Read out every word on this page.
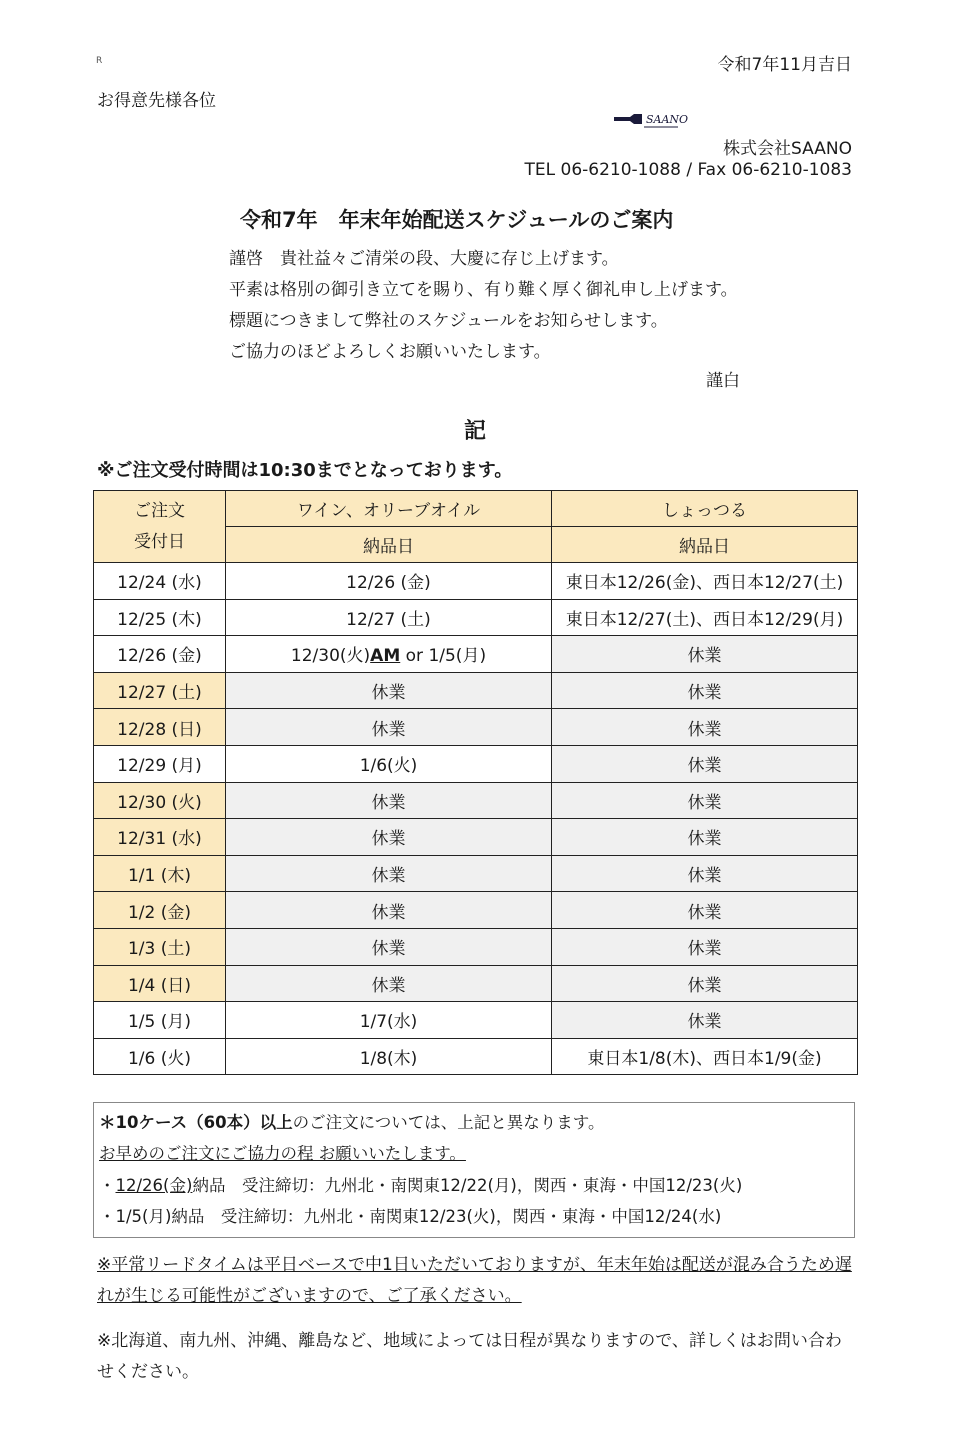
R	令和7年11月吉日
お得意先様各位
SAANO
株式会社SAANO
TEL 06-6210-1088 / Fax 06-6210-1083
令和7年　年末年始配送スケジュールのご案内

謹啓　貴社益々ご清栄の段、大慶に存じ上げます。

平素は格別の御引き立てを賜り、有り難く厚く御礼申し上げます。

標題につきまして弊社のスケジュールをお知らせします。

ご協力のほどよろしくお願いいたします。

謹白
記
※ご注文受付時間は10:30までとなっております。
ご注文
受付日	ワイン、オリーブオイル	しょっつる
	納品日	納品日
12/24 (水)	12/26 (金)	東日本12/26(金)、西日本12/27(土)
12/25 (木)	12/27 (土)	東日本12/27(土)、西日本12/29(月)
12/26 (金)	12/30(火)AM or 1/5(月)	休業
12/27 (土)	休業	休業
12/28 (日)	休業	休業
12/29 (月)	1/6(火)	休業
12/30 (火)	休業	休業
12/31 (水)	休業	休業
1/1 (木)	休業	休業
1/2 (金)	休業	休業
1/3 (土)	休業	休業
1/4 (日)	休業	休業
1/5 (月)	1/7(水)	休業
1/6 (火)	1/8(木)	東日本1/8(木)、西日本1/9(金)
＊10ケース（60本）以上のご注文については、上記と異なります。
お早めのご注文にご協力の程 お願いいたします。
・12/26(金)納品　受注締切：九州北・南関東12/22(月)，関西・東海・中国12/23(火)
・1/5(月)納品　受注締切：九州北・南関東12/23(火)，関西・東海・中国12/24(水)
※平常リードタイムは平日ベースで中1日いただいておりますが、年末年始は配送が混み合うため遅れが生じる可能性がございますので、ご了承ください。
※北海道、南九州、沖縄、離島など、地域によっては日程が異なりますので、詳しくはお問い合わせください。
